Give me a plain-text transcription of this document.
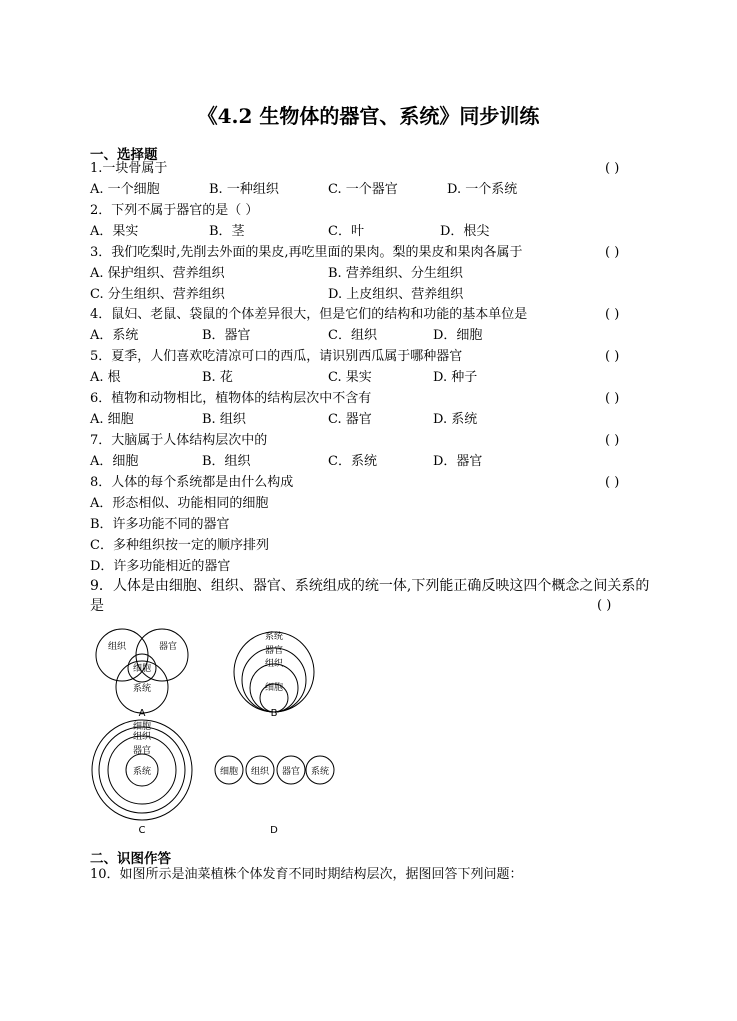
《4.2 生物体的器官、系统》同步训练
一、选择题
1.一块骨属于	( )
A. 一个细胞	B. 一种组织	C. 一个器官	D. 一个系统
2．下列不属于器官的是（ ）
A．果实	B．茎	C．叶	D．根尖
3．我们吃梨时,先削去外面的果皮,再吃里面的果肉。梨的果皮和果肉各属于	( )
A. 保护组织、营养组织	B. 营养组织、分生组织
C. 分生组织、营养组织	D. 上皮组织、营养组织
4．鼠妇、老鼠、袋鼠的个体差异很大，但是它们的结构和功能的基本单位是	( )
A．系统	B．器官	C．组织	D．细胞
5．夏季，人们喜欢吃清凉可口的西瓜，请识别西瓜属于哪种器官	( )
A. 根	B. 花	C. 果实	D. 种子
6．植物和动物相比，植物体的结构层次中不含有	( )
A. 细胞	B. 组织	C. 器官	D. 系统
7．大脑属于人体结构层次中的	( )
A．细胞	B．组织	C．系统	D．器官
8．人体的每个系统都是由什么构成	( )
A．形态相似、功能相同的细胞
B．许多功能不同的器官
C．多种组织按一定的顺序排列
D．许多功能相近的器官
9．人体是由细胞、组织、器官、系统组成的统一体,下列能正确反映这四个概念之间关系的是	( )
组织	器官
细胞
系统
系统
器官
组织
细胞
细胞
组织
器官
系统	细胞 组织 器官 系统
A	B
C	D
二、识图作答
10．如图所示是油菜植株个体发育不同时期结构层次，据图回答下列问题：
